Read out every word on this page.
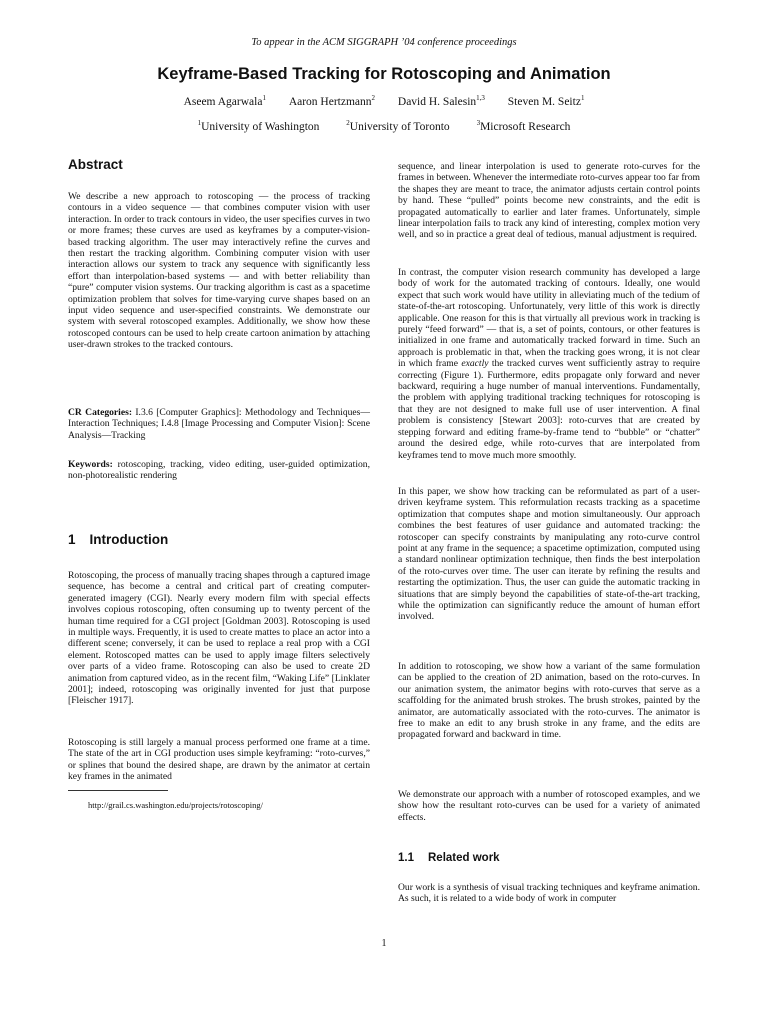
To appear in the ACM SIGGRAPH ’04 conference proceedings
Keyframe-Based Tracking for Rotoscoping and Animation
Aseem Agarwala$^1$ Aaron Hertzmann$^2$ David H. Salesin$^{1,3}$ Steven M. Seitz$^1$
$^1$University of Washington	$^2$University of Toronto	$^3$Microsoft Research
Abstract

We describe a new approach to rotoscoping — the process of tracking contours in a video sequence — that combines computer vision with user interaction. In order to track contours in video, the user specifies curves in two or more frames; these curves are used as keyframes by a computer-vision-based tracking algorithm. The user may interactively refine the curves and then restart the tracking algorithm. Combining computer vision with user interaction allows our system to track any sequence with significantly less effort than interpolation-based systems — and with better reliability than “pure” computer vision systems. Our tracking algorithm is cast as a spacetime optimization problem that solves for time-varying curve shapes based on an input video sequence and user-specified constraints. We demonstrate our system with several rotoscoped examples. Additionally, we show how these rotoscoped contours can be used to help create cartoon animation by attaching user-drawn strokes to the tracked contours.

CR Categories: I.3.6 [Computer Graphics]: Methodology and Techniques—Interaction Techniques; I.4.8 [Image Processing and Computer Vision]: Scene Analysis—Tracking

Keywords: rotoscoping, tracking, video editing, user-guided optimization, non-photorealistic rendering

1 Introduction

Rotoscoping, the process of manually tracing shapes through a captured image sequence, has become a central and critical part of creating computer-generated imagery (CGI). Nearly every modern film with special effects involves copious rotoscoping, often consuming up to twenty percent of the human time required for a CGI project [Goldman 2003]. Rotoscoping is used in multiple ways. Frequently, it is used to create mattes to place an actor into a different scene; conversely, it can be used to replace a real prop with a CGI element. Rotoscoped mattes can be used to apply image filters selectively over parts of a video frame. Rotoscoping can also be used to create 2D animation from captured video, as in the recent film, “Waking Life” [Linklater 2001]; indeed, rotoscoping was originally invented for just that purpose [Fleischer 1917].

Rotoscoping is still largely a manual process performed one frame at a time. The state of the art in CGI production uses simple keyframing: “roto-curves,” or splines that bound the desired shape, are drawn by the animator at certain key frames in the animated

http://grail.cs.washington.edu/projects/rotoscoping/

sequence, and linear interpolation is used to generate roto-curves for the frames in between. Whenever the intermediate roto-curves appear too far from the shapes they are meant to trace, the animator adjusts certain control points by hand. These “pulled” points become new constraints, and the edit is propagated automatically to earlier and later frames. Unfortunately, simple linear interpolation fails to track any kind of interesting, complex motion very well, and so in practice a great deal of tedious, manual adjustment is required.

In contrast, the computer vision research community has developed a large body of work for the automated tracking of contours. Ideally, one would expect that such work would have utility in alleviating much of the tedium of state-of-the-art rotoscoping. Unfortunately, very little of this work is directly applicable. One reason for this is that virtually all previous work in tracking is purely “feed forward” — that is, a set of points, contours, or other features is initialized in one frame and automatically tracked forward in time. Such an approach is problematic in that, when the tracking goes wrong, it is not clear in which frame exactly the tracked curves went sufficiently astray to require correcting (Figure 1). Furthermore, edits propagate only forward and never backward, requiring a huge number of manual interventions. Fundamentally, the problem with applying traditional tracking techniques for rotoscoping is that they are not designed to make full use of user intervention. A final problem is consistency [Stewart 2003]: roto-curves that are created by stepping forward and editing frame-by-frame tend to “bubble” or “chatter” around the desired edge, while roto-curves that are interpolated from keyframes tend to move much more smoothly.

In this paper, we show how tracking can be reformulated as part of a user-driven keyframe system. This reformulation recasts tracking as a spacetime optimization that computes shape and motion simultaneously. Our approach combines the best features of user guidance and automated tracking: the rotoscoper can specify constraints by manipulating any roto-curve control point at any frame in the sequence; a spacetime optimization, computed using a standard nonlinear optimization technique, then finds the best interpolation of the roto-curves over time. The user can iterate by refining the results and restarting the optimization. Thus, the user can guide the automatic tracking in situations that are simply beyond the capabilities of state-of-the-art tracking, while the optimization can significantly reduce the amount of human effort involved.

In addition to rotoscoping, we show how a variant of the same formulation can be applied to the creation of 2D animation, based on the roto-curves. In our animation system, the animator begins with roto-curves that serve as a scaffolding for the animated brush strokes. The brush strokes, painted by the animator, are automatically associated with the roto-curves. The animator is free to make an edit to any brush stroke in any frame, and the edits are propagated forward and backward in time.

We demonstrate our approach with a number of rotoscoped examples, and we show how the resultant roto-curves can be used for a variety of animated effects.

1.1 Related work

Our work is a synthesis of visual tracking techniques and keyframe animation. As such, it is related to a wide body of work in computer

1
